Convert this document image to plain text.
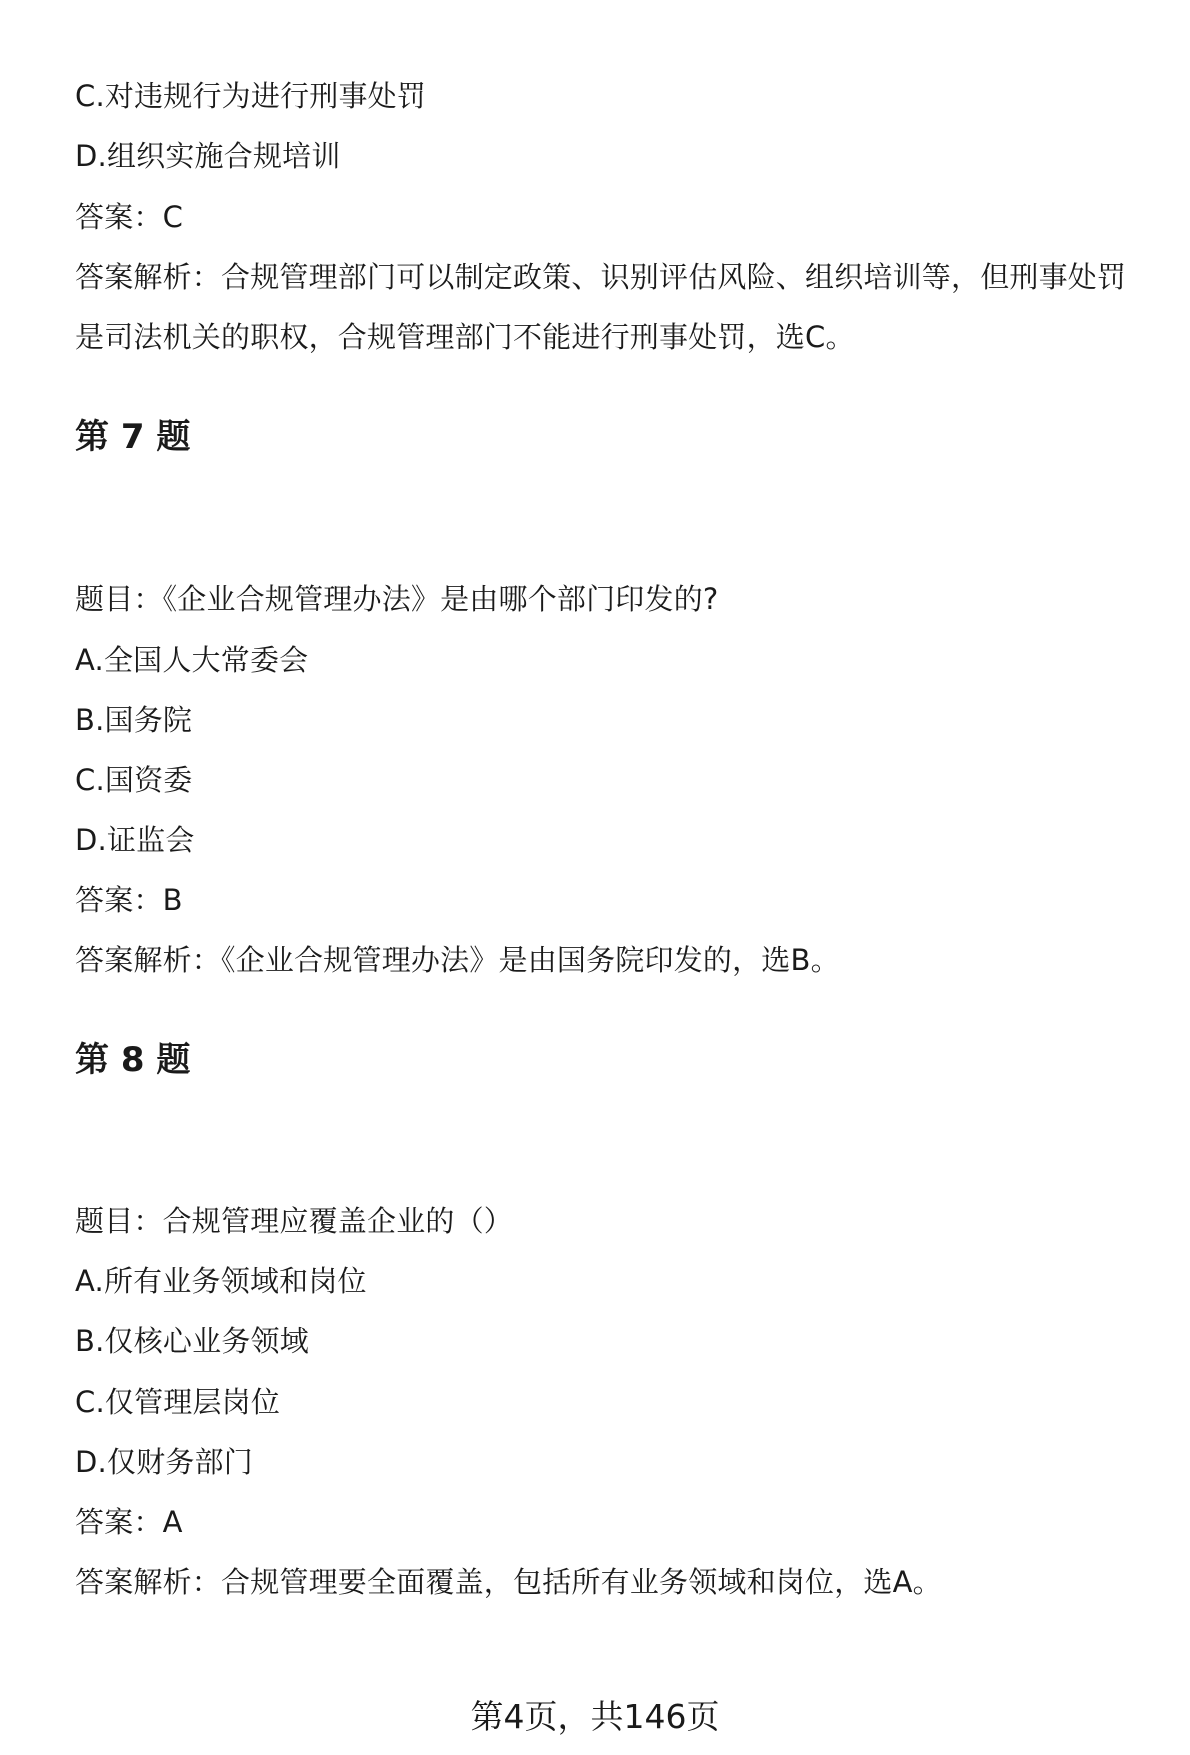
C.对违规行为进行刑事处罚
D.组织实施合规培训
答案：C
答案解析：合规管理部门可以制定政策、识别评估风险、组织培训等，但刑事处罚
是司法机关的职权，合规管理部门不能进行刑事处罚，选C。
第 7 题
题目：《企业合规管理办法》是由哪个部门印发的?
A.全国人大常委会
B.国务院
C.国资委
D.证监会
答案：B
答案解析：《企业合规管理办法》是由国务院印发的，选B。
第 8 题
题目：合规管理应覆盖企业的（）
A.所有业务领域和岗位
B.仅核心业务领域
C.仅管理层岗位
D.仅财务部门
答案：A
答案解析：合规管理要全面覆盖，包括所有业务领域和岗位，选A。
第4页，共146页
